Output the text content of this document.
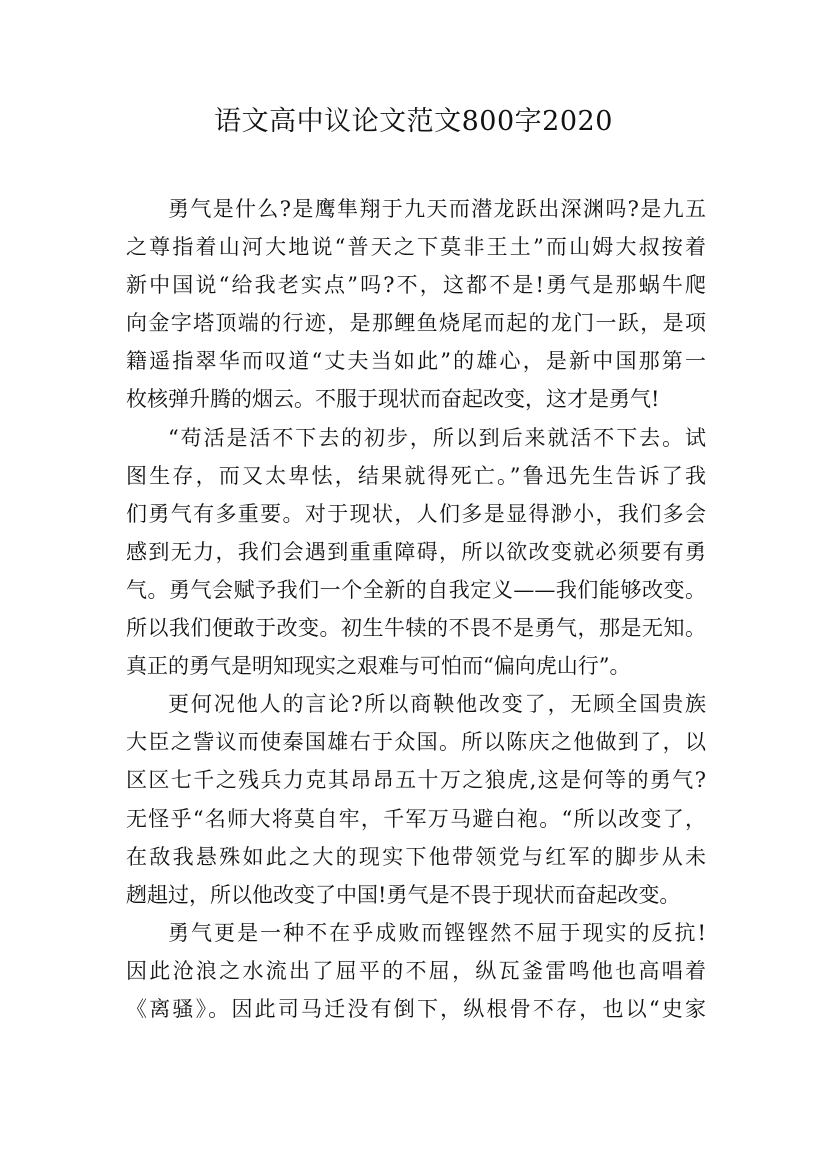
语文高中议论文范文800字2020
勇气是什么?是鹰隼翔于九天而潜龙跃出深渊吗?是九五
之尊指着山河大地说“普天之下莫非王土”而山姆大叔按着
新中国说“给我老实点”吗?不，这都不是!勇气是那蜗牛爬
向金字塔顶端的行迹，是那鲤鱼烧尾而起的龙门一跃，是项
籍遥指翠华而叹道“丈夫当如此”的雄心，是新中国那第一
枚核弹升腾的烟云。不服于现状而奋起改变，这才是勇气!
“苟活是活不下去的初步，所以到后来就活不下去。试
图生存，而又太卑怯，结果就得死亡。”鲁迅先生告诉了我
们勇气有多重要。对于现状，人们多是显得渺小，我们多会
感到无力，我们会遇到重重障碍，所以欲改变就必须要有勇
气。勇气会赋予我们一个全新的自我定义——我们能够改变。
所以我们便敢于改变。初生牛犊的不畏不是勇气，那是无知。
真正的勇气是明知现实之艰难与可怕而“偏向虎山行”。
更何况他人的言论?所以商鞅他改变了，无顾全国贵族
大臣之訾议而使秦国雄右于众国。所以陈庆之他做到了，以
区区七千之残兵力克其昂昂五十万之狼虎,这是何等的勇气?
无怪乎“名师大将莫自牢，千军万马避白袍。“所以改变了，
在敌我悬殊如此之大的现实下他带领党与红军的脚步从未
趔趄过，所以他改变了中国!勇气是不畏于现状而奋起改变。
勇气更是一种不在乎成败而铿铿然不屈于现实的反抗!
因此沧浪之水流出了屈平的不屈，纵瓦釜雷鸣他也高唱着
《离骚》。因此司马迁没有倒下，纵根骨不存，也以“史家
